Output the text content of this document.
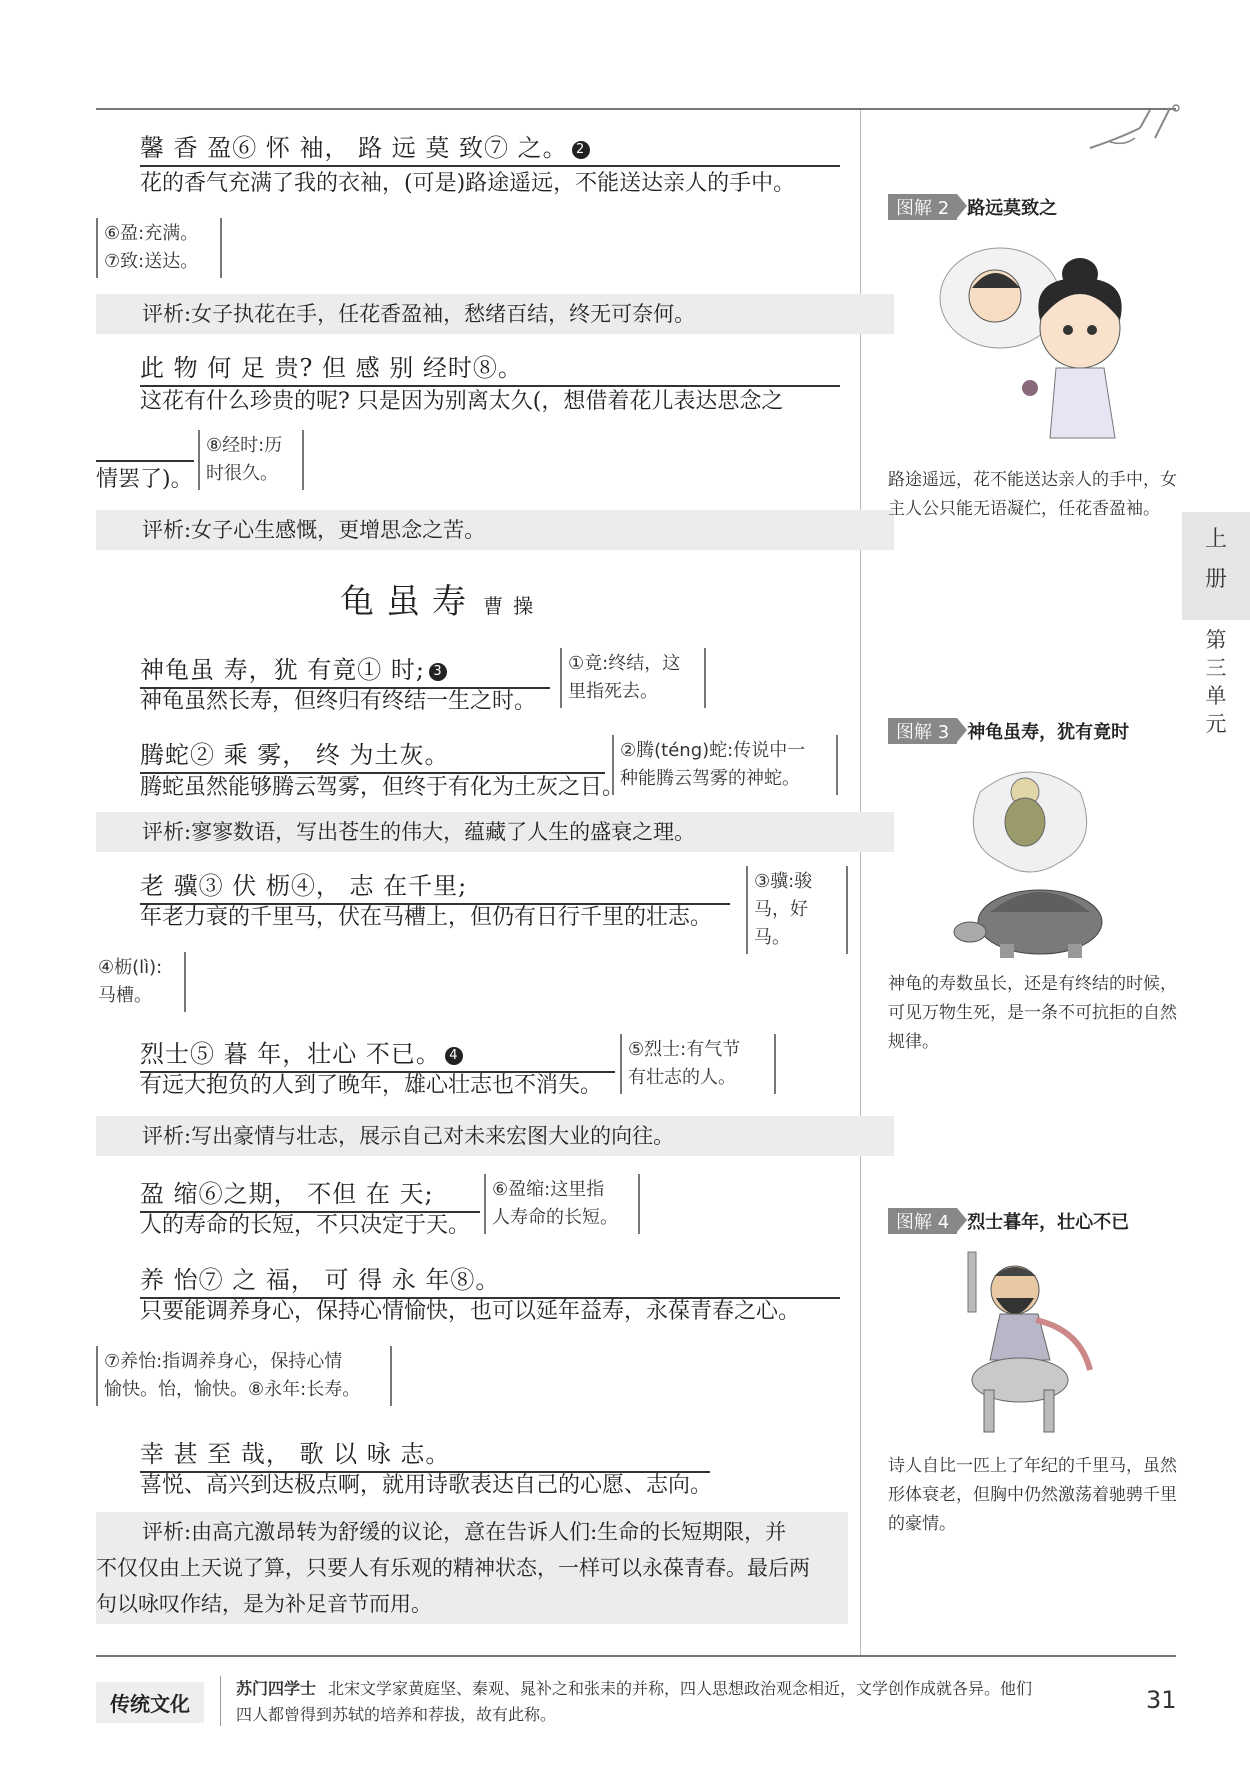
馨 香 盈⑥ 怀 袖， 路 远 莫 致⑦ 之。 2
花的香气充满了我的衣袖，(可是)路途遥远，不能送达亲人的手中。
⑥盈:充满。
⑦致:送达。
评析:女子执花在手，任花香盈袖，愁绪百结，终无可奈何。
此 物 何 足 贵? 但 感 别 经时⑧。
这花有什么珍贵的呢? 只是因为别离太久(，想借着花儿表达思念之
情罢了)。
⑧经时:历
时很久。
评析:女子心生感慨，更增思念之苦。
龟虽寿 曹操
神龟虽 寿，犹 有竟① 时; 3
神龟虽然长寿，但终归有终结一生之时。
①竟:终结，这
里指死去。
腾蛇② 乘 雾， 终 为土灰。
腾蛇虽然能够腾云驾雾，但终于有化为土灰之日。
②腾(téng)蛇:传说中一
种能腾云驾雾的神蛇。
评析:寥寥数语，写出苍生的伟大，蕴藏了人生的盛衰之理。
老 骥③ 伏 枥④， 志 在千里;
年老力衰的千里马，伏在马槽上，但仍有日行千里的壮志。
③骥:骏
马，好马。
④枥(lì):
马槽。
烈士⑤ 暮 年，壮心 不已。 4
有远大抱负的人到了晚年，雄心壮志也不消失。
⑤烈士:有气节
有壮志的人。
评析:写出豪情与壮志，展示自己对未来宏图大业的向往。
盈 缩⑥之期， 不但 在 天;
人的寿命的长短，不只决定于天。
⑥盈缩:这里指
人寿命的长短。
养 怡⑦ 之 福， 可 得 永 年⑧。
只要能调养身心，保持心情愉快，也可以延年益寿，永葆青春之心。
⑦养怡:指调养身心，保持心情
愉快。怡，愉快。⑧永年:长寿。
幸 甚 至 哉， 歌 以 咏 志。
喜悦、高兴到达极点啊，就用诗歌表达自己的心愿、志向。
评析:由高亢激昂转为舒缓的议论，意在告诉人们:生命的长短期限，并
不仅仅由上天说了算，只要人有乐观的精神状态，一样可以永葆青春。最后两
句以咏叹作结，是为补足音节而用。
图解 2 路远莫致之
路途遥远，花不能送达亲人的手中，女主人公只能无语凝伫，任花香盈袖。
图解 3 神龟虽寿，犹有竟时
神龟的寿数虽长，还是有终结的时候，可见万物生死，是一条不可抗拒的自然规律。
图解 4 烈士暮年，壮心不已
诗人自比一匹上了年纪的千里马，虽然形体衰老，但胸中仍然激荡着驰骋千里的豪情。
上
册
第
三
单
元
传统文化
苏门四学士 北宋文学家黄庭坚、秦观、晁补之和张耒的并称，四人思想政治观念相近，文学创作成就各异。他们
四人都曾得到苏轼的培养和荐拔，故有此称。
31
